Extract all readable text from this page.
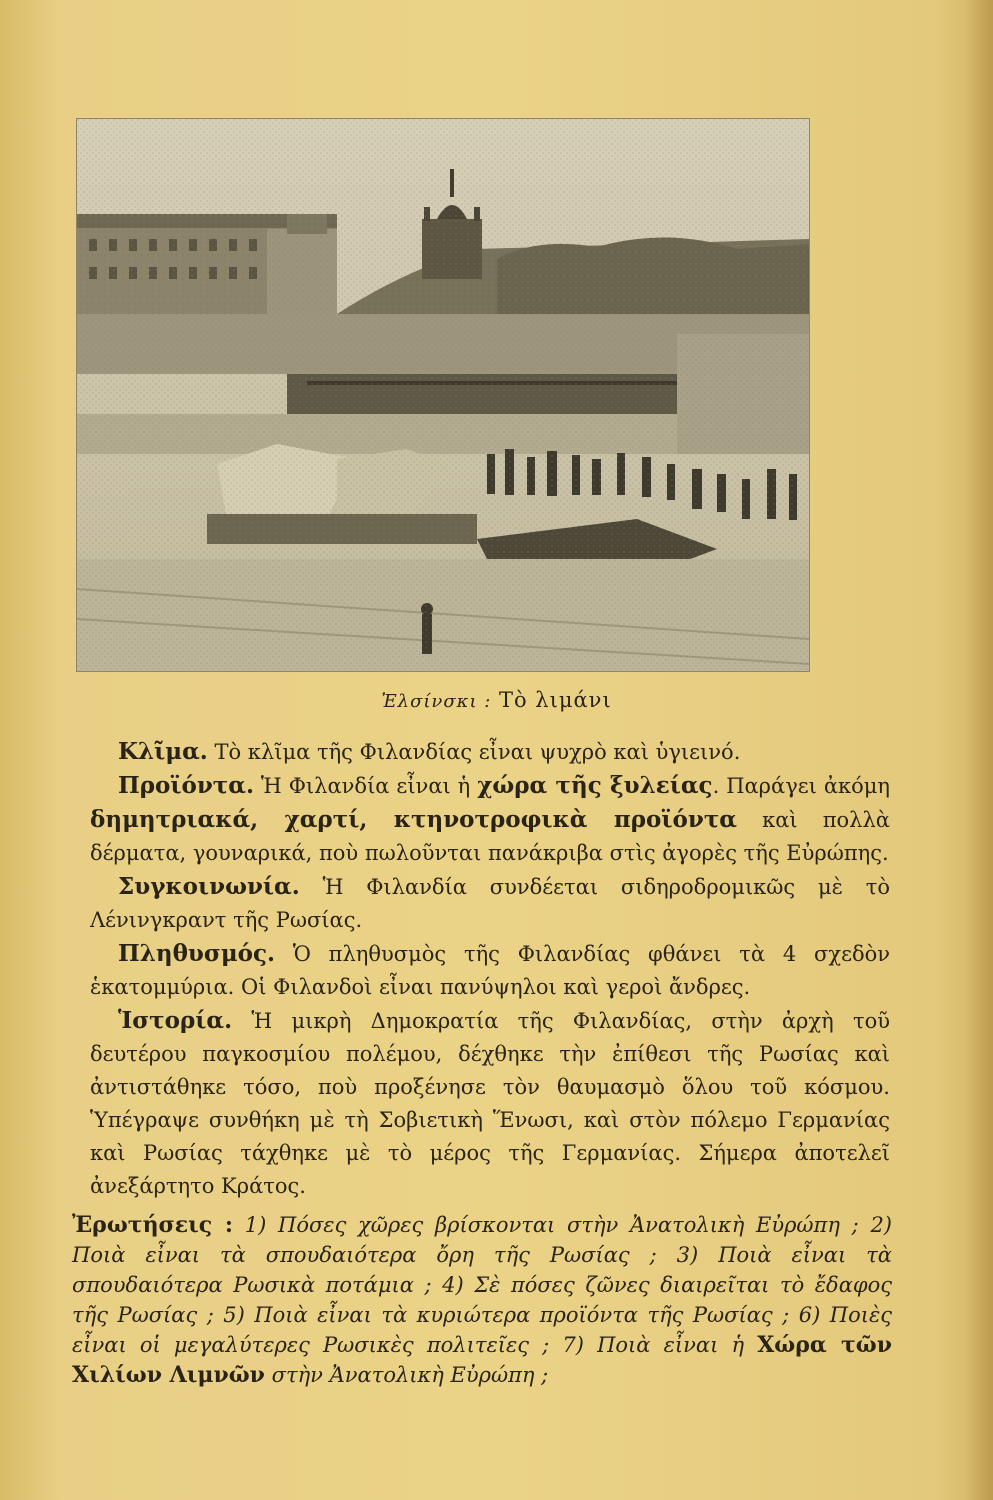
Ἐλσίνσκι : Τὸ λιμάνι

Κλῖμα. Τὸ κλῖμα τῆς Φιλανδίας εἶναι ψυχρὸ καὶ ὑγιεινό.

Προϊόντα. Ἡ Φιλανδία εἶναι ἡ χώρα τῆς ξυλείας. Παράγει ἀκόμη δημητριακά, χαρτί, κτηνοτροφικὰ προϊόντα καὶ πολλὰ δέρματα, γουναρικά, ποὺ πωλοῦνται πανάκριβα στὶς ἀγορὲς τῆς Εὐρώπης.

Συγκοινωνία. Ἡ Φιλανδία συνδέεται σιδηροδρομικῶς μὲ τὸ Λένινγκραντ τῆς Ρωσίας.

Πληθυσμός. Ὁ πληθυσμὸς τῆς Φιλανδίας φθάνει τὰ 4 σχεδὸν ἑκατομμύρια. Οἱ Φιλανδοὶ εἶναι πανύψηλοι καὶ γεροὶ ἄνδρες.

Ἱστορία. Ἡ μικρὴ Δημοκρατία τῆς Φιλανδίας, στὴν ἀρχὴ τοῦ δευτέρου παγκοσμίου πολέμου, δέχθηκε τὴν ἐπίθεσι τῆς Ρωσίας καὶ ἀντιστάθηκε τόσο, ποὺ προξένησε τὸν θαυμασμὸ ὅλου τοῦ κόσμου. Ὑπέγραψε συνθήκη μὲ τὴ Σοβιετικὴ Ἕνωσι, καὶ στὸν πόλεμο Γερμανίας καὶ Ρωσίας τάχθηκε μὲ τὸ μέρος τῆς Γερμανίας. Σήμερα ἀποτελεῖ ἀνεξάρτητο Κράτος.

Ἐρωτήσεις : 1) Πόσες χῶρες βρίσκονται στὴν Ἀνατολικὴ Εὐρώπη ; 2) Ποιὰ εἶναι τὰ σπουδαιότερα ὄρη τῆς Ρωσίας ; 3) Ποιὰ εἶναι τὰ σπουδαιότερα Ρωσικὰ ποτάμια ; 4) Σὲ πόσες ζῶνες διαιρεῖται τὸ ἔδαφος τῆς Ρωσίας ; 5) Ποιὰ εἶναι τὰ κυριώτερα προϊόντα τῆς Ρωσίας ; 6) Ποιὲς εἶναι οἱ μεγαλύτερες Ρωσικὲς πολιτεῖες ; 7) Ποιὰ εἶναι ἡ Χώρα τῶν Χιλίων Λιμνῶν στὴν Ἀνατολικὴ Εὐρώπη ;
